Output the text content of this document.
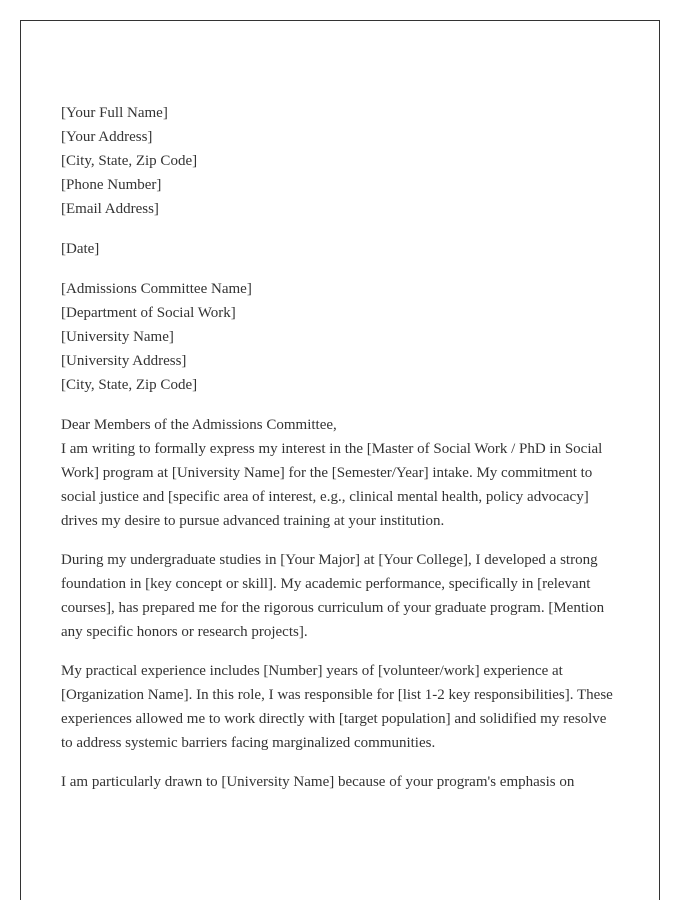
[Your Full Name]
[Your Address]
[City, State, Zip Code]
[Phone Number]
[Email Address]
[Date]
[Admissions Committee Name]
[Department of Social Work]
[University Name]
[University Address]
[City, State, Zip Code]
Dear Members of the Admissions Committee,
I am writing to formally express my interest in the [Master of Social Work / PhD in Social Work] program at [University Name] for the [Semester/Year] intake. My commitment to social justice and [specific area of interest, e.g., clinical mental health, policy advocacy] drives my desire to pursue advanced training at your institution.

During my undergraduate studies in [Your Major] at [Your College], I developed a strong foundation in [key concept or skill]. My academic performance, specifically in [relevant courses], has prepared me for the rigorous curriculum of your graduate program. [Mention any specific honors or research projects].

My practical experience includes [Number] years of [volunteer/work] experience at [Organization Name]. In this role, I was responsible for [list 1-2 key responsibilities]. These experiences allowed me to work directly with [target population] and solidified my resolve to address systemic barriers facing marginalized communities.

I am particularly drawn to [University Name] because of your program's emphasis on
